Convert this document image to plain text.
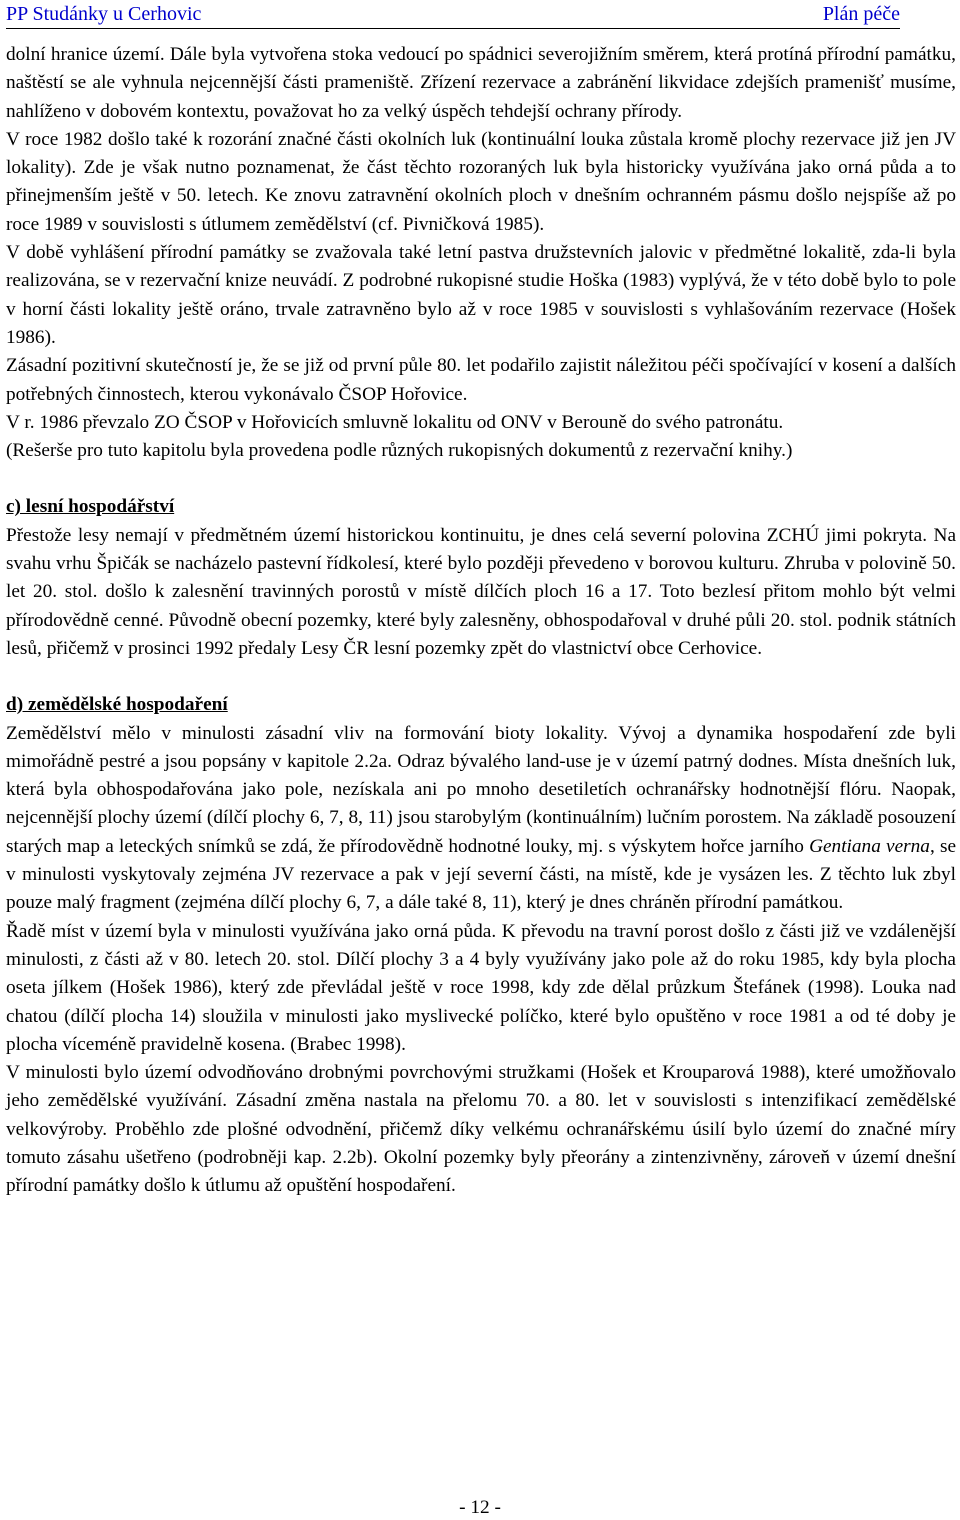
PP Studánky u Cerhovic	Plán péče

dolní hranice území. Dále byla vytvořena stoka vedoucí po spádnici severojižním směrem, která protíná přírodní památku, naštěstí se ale vyhnula nejcennější části prameniště. Zřízení rezervace a zabránění likvidace zdejších pramenišť musíme, nahlíženo v dobovém kontextu, považovat ho za velký úspěch tehdejší ochrany přírody.

V roce 1982 došlo také k rozorání značné části okolních luk (kontinuální louka zůstala kromě plochy rezervace již jen JV lokality). Zde je však nutno poznamenat, že část těchto rozoraných luk byla historicky využívána jako orná půda a to přinejmenším ještě v 50. letech. Ke znovu zatravnění okolních ploch v dnešním ochranném pásmu došlo nejspíše až po roce 1989 v souvislosti s útlumem zemědělství (cf. Pivničková 1985).

V době vyhlášení přírodní památky se zvažovala také letní pastva družstevních jalovic v předmětné lokalitě, zda-li byla realizována, se v rezervační knize neuvádí. Z podrobné rukopisné studie Hoška (1983) vyplývá, že v této době bylo to pole v horní části lokality ještě oráno, trvale zatravněno bylo až v roce 1985 v souvislosti s vyhlašováním rezervace (Hošek 1986).

Zásadní pozitivní skutečností je, že se již od první půle 80. let podařilo zajistit náležitou péči spočívající v kosení a dalších potřebných činnostech, kterou vykonávalo ČSOP Hořovice.

V r. 1986 převzalo ZO ČSOP v Hořovicích smluvně lokalitu od ONV v Berouně do svého patronátu.

(Rešerše pro tuto kapitolu byla provedena podle různých rukopisných dokumentů z rezervační knihy.)

c) lesní hospodářství

Přestože lesy nemají v předmětném území historickou kontinuitu, je dnes celá severní polovina ZCHÚ jimi pokryta. Na svahu vrhu Špičák se nacházelo pastevní řídkolesí, které bylo později převedeno v borovou kulturu. Zhruba v polovině 50. let 20. stol. došlo k zalesnění travinných porostů v místě dílčích ploch 16 a 17. Toto bezlesí přitom mohlo být velmi přírodovědně cenné. Původně obecní pozemky, které byly zalesněny, obhospodařoval v druhé půli 20. stol. podnik státních lesů, přičemž v prosinci 1992 předaly Lesy ČR lesní pozemky zpět do vlastnictví obce Cerhovice.

d) zemědělské hospodaření

Zemědělství mělo v minulosti zásadní vliv na formování bioty lokality. Vývoj a dynamika hospodaření zde byli mimořádně pestré a jsou popsány v kapitole 2.2a. Odraz bývalého land-use je v území patrný dodnes. Místa dnešních luk, která byla obhospodařována jako pole, nezískala ani po mnoho desetiletích ochranářsky hodnotnější flóru. Naopak, nejcennější plochy území (dílčí plochy 6, 7, 8, 11) jsou starobylým (kontinuálním) lučním porostem. Na základě posouzení starých map a leteckých snímků se zdá, že přírodovědně hodnotné louky, mj. s výskytem hořce jarního Gentiana verna, se v minulosti vyskytovaly zejména JV rezervace a pak v její severní části, na místě, kde je vysázen les. Z těchto luk zbyl pouze malý fragment (zejména dílčí plochy 6, 7, a dále také 8, 11), který je dnes chráněn přírodní památkou.

Řadě míst v území byla v minulosti využívána jako orná půda. K převodu na travní porost došlo z části již ve vzdálenější minulosti, z části až v 80. letech 20. stol. Dílčí plochy 3 a 4 byly využívány jako pole až do roku 1985, kdy byla plocha oseta jílkem (Hošek 1986), který zde převládal ještě v roce 1998, kdy zde dělal průzkum Štefánek (1998). Louka nad chatou (dílčí plocha 14) sloužila v minulosti jako myslivecké políčko, které bylo opuštěno v roce 1981 a od té doby je plocha víceméně pravidelně kosena. (Brabec 1998).

V minulosti bylo území odvodňováno drobnými povrchovými stružkami (Hošek et Krouparová 1988), které umožňovalo jeho zemědělské využívání. Zásadní změna nastala na přelomu 70. a 80. let v souvislosti s intenzifikací zemědělské velkovýroby. Proběhlo zde plošné odvodnění, přičemž díky velkému ochranářskému úsilí bylo území do značné míry tomuto zásahu ušetřeno (podrobněji kap. 2.2b). Okolní pozemky byly přeorány a zintenzivněny, zároveň v území dnešní přírodní památky došlo k útlumu až opuštění hospodaření.

- 12 -
